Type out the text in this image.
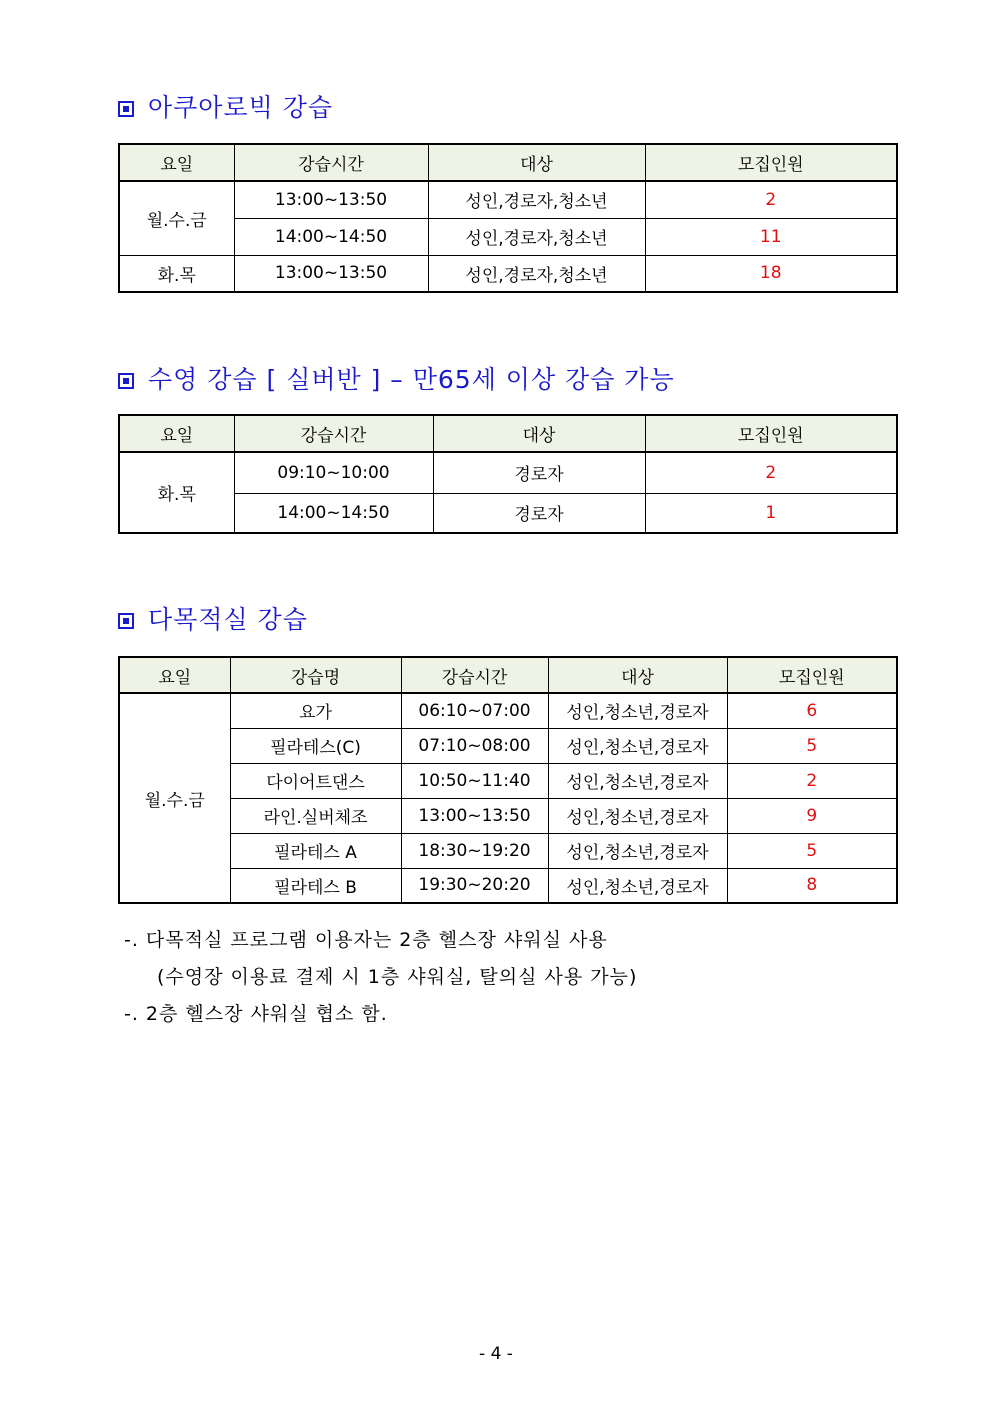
아쿠아로빅 강습
요일	강습시간	대상	모집인원
월.수.금	13:00~13:50	성인,경로자,청소년	2
	14:00~14:50	성인,경로자,청소년	11
화.목	13:00~13:50	성인,경로자,청소년	18
수영 강습 [ 실버반 ] – 만65세 이상 강습 가능
요일	강습시간	대상	모집인원
화.목	09:10~10:00	경로자	2
	14:00~14:50	경로자	1
다목적실 강습
요일	강습명	강습시간	대상	모집인원
월.수.금	요가	06:10~07:00	성인,청소년,경로자	6
	필라테스(C)	07:10~08:00	성인,청소년,경로자	5
	다이어트댄스	10:50~11:40	성인,청소년,경로자	2
	라인.실버체조	13:00~13:50	성인,청소년,경로자	9
	필라테스 A	18:30~19:20	성인,청소년,경로자	5
	필라테스 B	19:30~20:20	성인,청소년,경로자	8
-. 다목적실 프로그램 이용자는 2층 헬스장 샤워실 사용
(수영장 이용료 결제 시 1층 샤워실, 탈의실 사용 가능)
-. 2층 헬스장 샤워실 협소 함.
- 4 -
